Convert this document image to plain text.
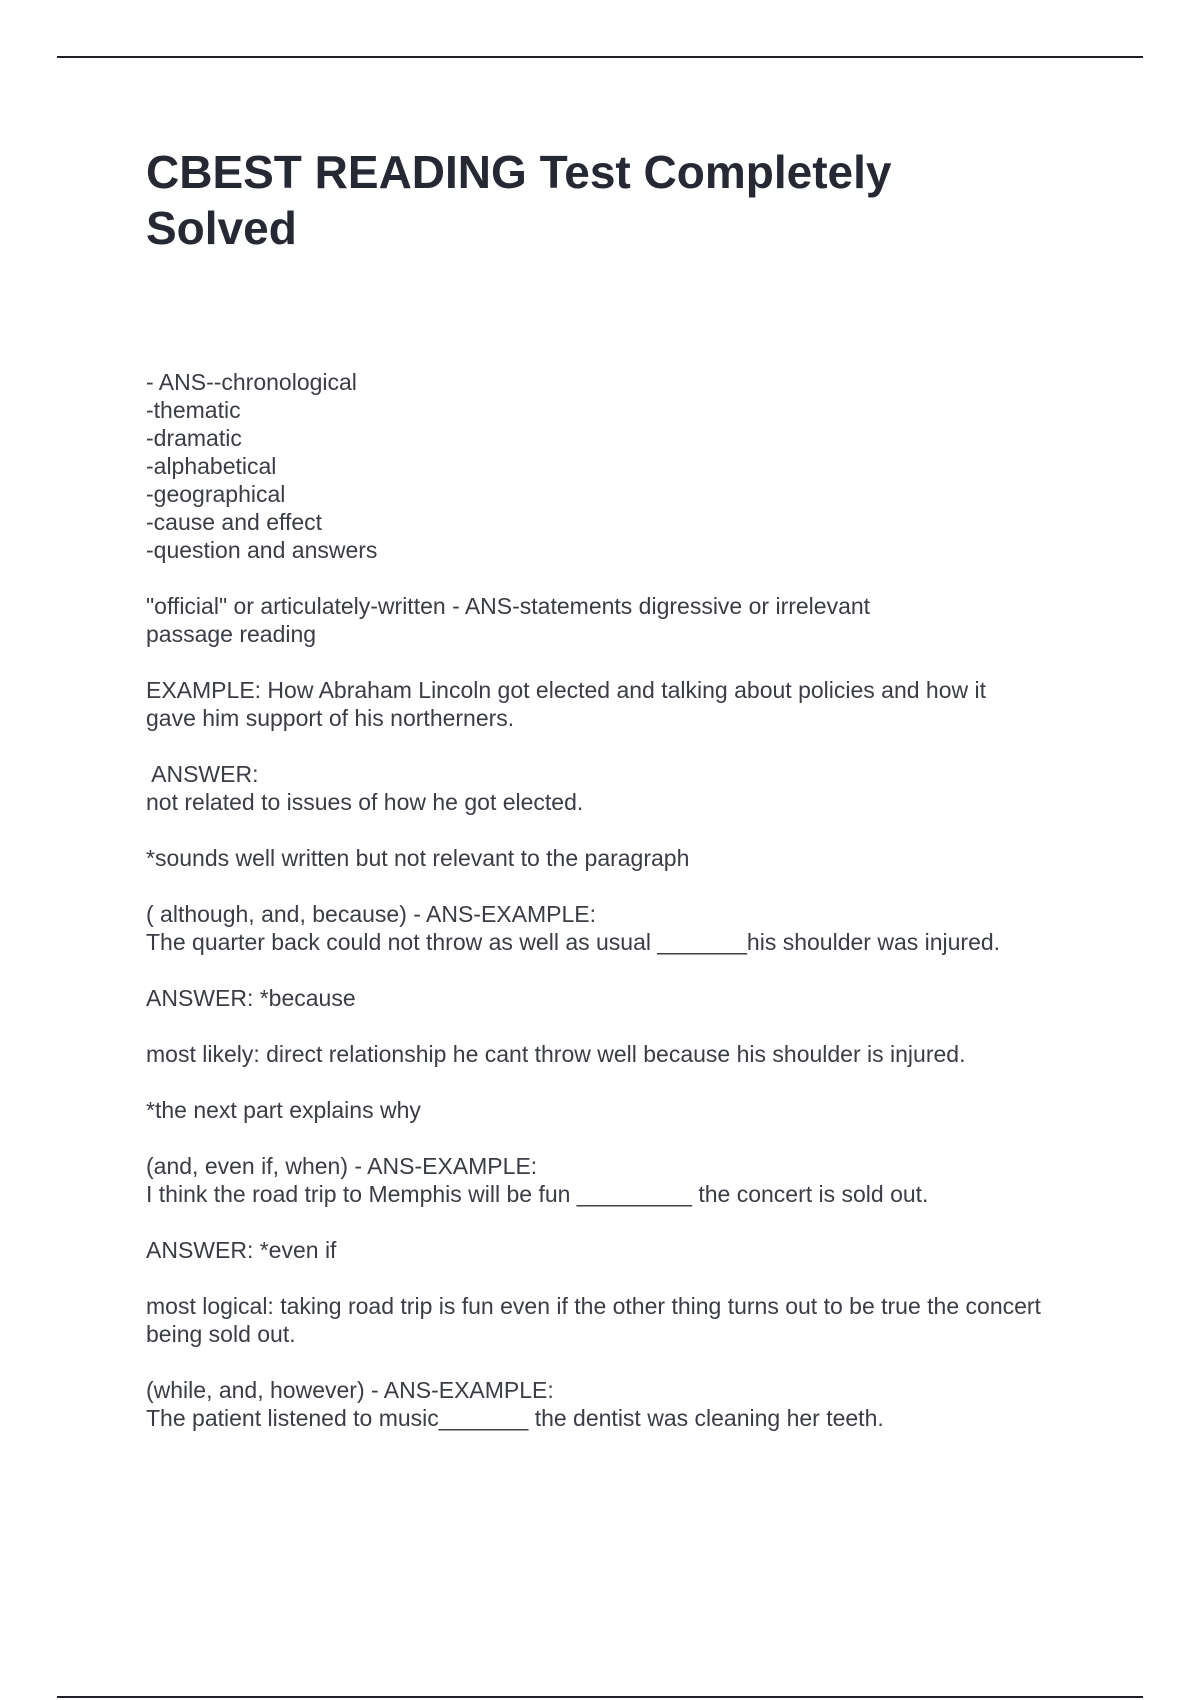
CBEST READING Test Completely
Solved
- ANS--chronological
-thematic
-dramatic
-alphabetical
-geographical
-cause and effect
-question and answers
"official" or articulately-written - ANS-statements digressive or irrelevant
passage reading
EXAMPLE: How Abraham Lincoln got elected and talking about policies and how it
gave him support of his northerners.
ANSWER:
not related to issues of how he got elected.
*sounds well written but not relevant to the paragraph
( although, and, because) - ANS-EXAMPLE:
The quarter back could not throw as well as usual _______his shoulder was injured.
ANSWER: *because
most likely: direct relationship he cant throw well because his shoulder is injured.
*the next part explains why
(and, even if, when) - ANS-EXAMPLE:
I think the road trip to Memphis will be fun _________ the concert is sold out.
ANSWER: *even if
most logical: taking road trip is fun even if the other thing turns out to be true the concert
being sold out.
(while, and, however) - ANS-EXAMPLE:
The patient listened to music_______ the dentist was cleaning her teeth.
